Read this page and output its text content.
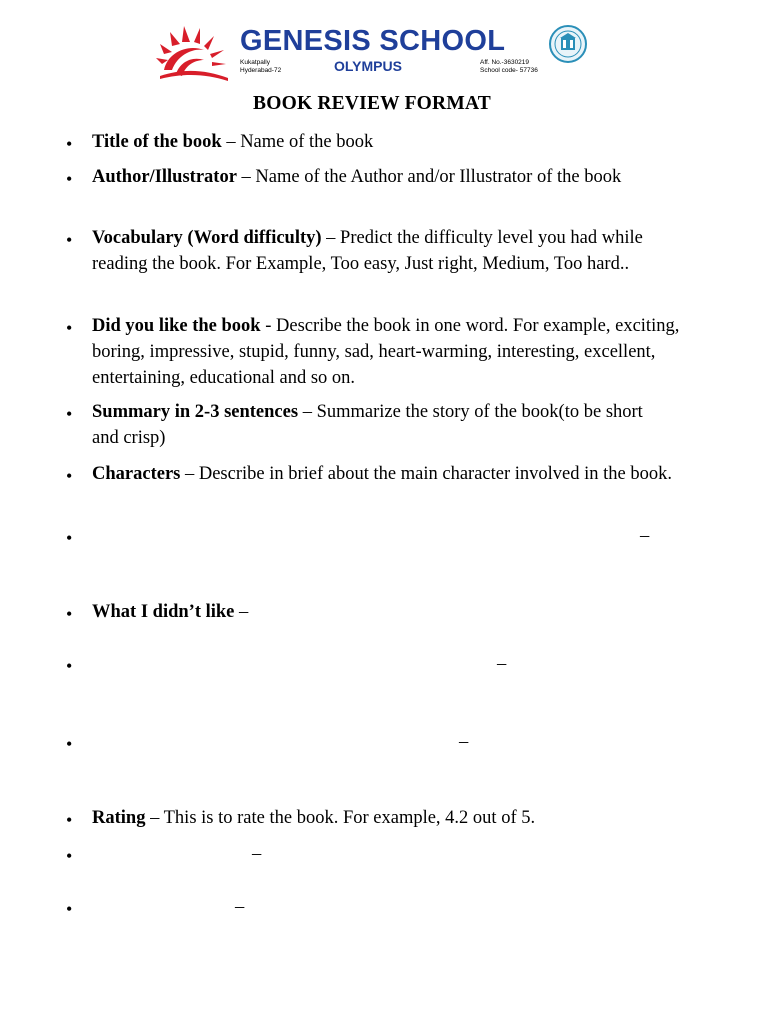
GENESIS SCHOOL
Kukatpally
Hyderabad-72	OLYMPUS	Aff. No.-3630219
School code- 57736
BOOK REVIEW FORMAT
• Title of the book – Name of the book
• Author/Illustrator – Name of the Author and/or Illustrator of the book
• Vocabulary (Word difficulty) – Predict the difficulty level you had while reading the book. For Example, Too easy, Just right, Medium, Too hard..
• Did you like the book - Describe the book in one word. For example, exciting, boring, impressive, stupid, funny, sad, heart-warming, interesting, excellent, entertaining, educational and so on.
• Summary in 2-3 sentences – Summarize the story of the book(to be short and crisp)
• Characters – Describe in brief about the main character involved in the book.
•	–
• What I didn’t like –
•	–
•	–
• Rating – This is to rate the book. For example, 4.2 out of 5.
•	–
•	–
